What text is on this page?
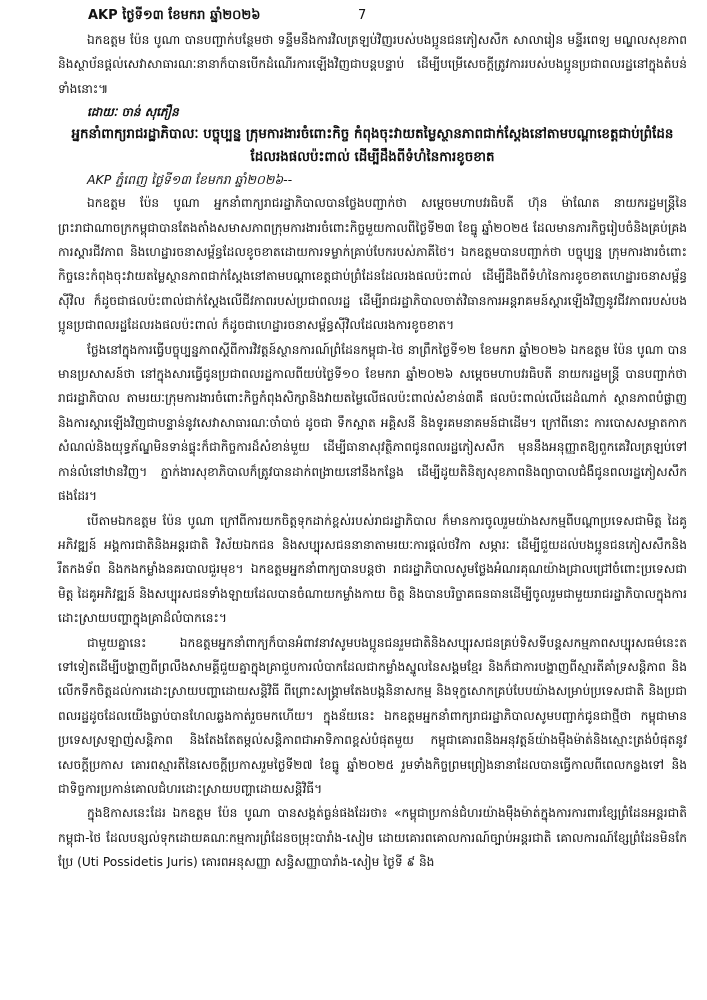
AKP ថ្ងៃទី១៣ ខែមករា ឆ្នាំ២០២៦	7

ឯកឧត្តម ប៉ែន បូណា បានបញ្ជាក់បន្ថែមថា ទន្ទឹមនឹងការវិលត្រឡប់វិញរបស់បងប្អូនជនភៀសសឹក សាលារៀន មន្ទីរពេទ្យ មណ្ឌលសុខភាព និងស្ថាប័នផ្តល់សេវាសាធារណៈនានាក៏បានបើកដំណើរការឡើងវិញជាបន្តបន្ទាប់ ដើម្បីបម្រើសេចក្តីត្រូវការរបស់បងប្អូនប្រជាពលរដ្ឋនៅក្នុងតំបន់ទាំងនោះ៕

ដោយៈ ចាន់ សុភឿន

អ្នកនាំពាក្យរាជរដ្ឋាភិបាលៈ បច្ចុប្បន្ន ក្រុមការងារចំពោះកិច្ច កំពុងចុះវាយតម្លៃស្ថានភាពជាក់ស្តែងនៅតាមបណ្តាខេត្តជាប់ព្រំដែនដែលរងផលប៉ះពាល់ ដើម្បីដឹងពីទំហំនៃការខូចខាត

AKP ភ្នំពេញ ថ្ងៃទី១៣ ខែមករា ឆ្នាំ២០២៦--

ឯកឧត្តម ប៉ែន បូណា អ្នកនាំពាក្យរាជរដ្ឋាភិបាលបានថ្លែងបញ្ជាក់ថា សម្តេចមហាបវរធិបតី ហ៊ុន ម៉ាណែត នាយករដ្ឋមន្ត្រីនៃព្រះរាជាណាចក្រកម្ពុជាបានតែងតាំងសមាសភាពក្រុមការងារចំពោះកិច្ចមួយកាលពីថ្ងៃទី២៣ ខែធ្នូ ឆ្នាំ២០២៥ ដែលមានភារកិច្ចរៀបចំនិងគ្រប់គ្រងការស្តារជីវភាព និងហេដ្ឋារចនាសម្ព័ន្ធដែលខូចខាតដោយការទម្លាក់គ្រាប់បែករបស់ភាគីថៃ។ ឯកឧត្តមបានបញ្ជាក់ថា បច្ចុប្បន្ន ក្រុមការងារចំពោះកិច្ចនេះកំពុងចុះវាយតម្លៃស្ថានភាពជាក់ស្តែងនៅតាមបណ្តាខេត្តជាប់ព្រំដែនដែលរងផលប៉ះពាល់ ដើម្បីដឹងពីទំហំនៃការខូចខាតហេដ្ឋារចនាសម្ព័ន្ធស៊ីវិល ក៏ដូចជាផលប៉ះពាល់ជាក់ស្តែងលើជីវភាពរបស់ប្រជាពលរដ្ឋ ដើម្បីរាជរដ្ឋាភិបាលចាត់វិធានការអន្តរាគមន៍ស្តារឡើងវិញនូវជីវភាពរបស់បងប្អូនប្រជាពលរដ្ឋដែលរងផលប៉ះពាល់ ក៏ដូចជាហេដ្ឋារចនាសម្ព័ន្ធស៊ីវិលដែលរងការខូចខាត។

ថ្លែងនៅក្នុងការធ្វើបច្ចុប្បន្នភាពស្តីពីការវិវត្តន៍ស្ថានការណ៍ព្រំដែនកម្ពុជា-ថៃ នាព្រឹកថ្ងៃទី១២ ខែមករា ឆ្នាំ២០២៦ ឯកឧត្តម ប៉ែន បូណា បានមានប្រសាសន៍ថា នៅក្នុងសារធ្វើជូនប្រជាពលរដ្ឋកាលពីយប់ថ្ងៃទី១០ ខែមករា ឆ្នាំ២០២៦ សម្តេចមហាបវរធិបតី នាយករដ្ឋមន្ត្រី បានបញ្ជាក់ថា រាជរដ្ឋាភិបាល តាមរយៈក្រុមការងារចំពោះកិច្ចកំពុងសិក្សានិងវាយតម្លៃលើផលប៉ះពាល់សំខាន់៣គឺ ផលប៉ះពាល់លើដេដំណាក់ ស្ថានភាពបំផ្លាញ និងការស្តារឡើងវិញជាបន្ទាន់នូវសេវាសាធារណៈចាំបាច់ ដូចជា ទឹកស្អាត អគ្គិសនី និងទូរគមនាគមន៍ជាដើម។ ក្រៅពីនោះ ការបោសសម្អាតកាកសំណល់និងយុទ្ធភ័ណ្ឌមិនទាន់ផ្ទុះក៏ជាកិច្ចការដ៏សំខាន់មួយ ដើម្បីធានាសុវត្ថិភាពជូនពលរដ្ឋភៀសសឹក មុននឹងអនុញ្ញាតឱ្យពួកគេវិលត្រឡប់ទៅកាន់លំនៅឋានវិញ។ ភ្នាក់ងារសុខាភិបាលក៏ត្រូវបានដាក់ពង្រាយនៅនឹងកន្លែង ដើម្បីដូយតិនិត្យសុខភាពនិងព្យាបាលជំងឺជូនពលរដ្ឋភៀសសឹកផងដែរ។

បើតាមឯកឧត្តម ប៉ែន បូណា ក្រៅពីការយកចិត្តទុកដាក់ខ្ពស់របស់រាជរដ្ឋាភិបាល ក៏មានការចូលរួមយ៉ាងសកម្មពីបណ្តាប្រទេសជាមិត្ត ដៃគូអភិវឌ្ឍន៍ អង្គការជាតិនិងអន្តរជាតិ វិស័យឯកជន និងសប្បុរសជននានាតាមរយៈការផ្តល់ថវិកា សម្ភារៈ ដើម្បីជួយដល់បងប្អូនជនភៀសសឹកនិងរឹតកងទ័ព និងកងកម្លាំងនគរបាលជួរមុខ។ ឯកឧត្តមអ្នកនាំពាក្យបានបន្តថា រាជរដ្ឋាភិបាលសូមថ្លែងអំណរគុណយ៉ាងជ្រាលជ្រៅចំពោះប្រទេសជាមិត្ត ដៃគូអភិវឌ្ឍន៍ និងសប្បុរសជនទាំងឡាយដែលបានចំណាយកម្លាំងកាយ ចិត្ត និងបានបរិច្ចាគធនធានដើម្បីចូលរួមជាមួយរាជរដ្ឋាភិបាលក្នុងការដោះស្រាយបញ្ហាក្នុងគ្រាដ៏លំបាកនេះ។

ជាមួយគ្នានេះ ឯកឧត្តមអ្នកនាំពាក្យក៏បានអំពាវនាវសូមបងប្អូនជនរួមជាតិនិងសប្បុរសជនគ្រប់ទិសទីបន្តសកម្មភាពសប្បុរសធម៌នេះតទៅទៀតដើម្បីបង្ហាញពីព្រលឹងសាមគ្គីជួយគ្នាក្នុងគ្រាជួបការលំបាកដែលជាកម្លាំងស្នូលនៃសង្គមខ្មែរ និងក៏ជាការបង្ហាញពីស្មារតីគាំទ្រសន្តិភាព និងលើកទឹកចិត្តដល់ការដោះស្រាយបញ្ហាដោយសន្តិវិធី ពីព្រោះសង្គ្រាមតែងបង្កនិនាសកម្ម និងទុក្ខសោកគ្រប់បែបយ៉ាងសម្រាប់ប្រទេសជាតិ និងប្រជាពលរដ្ឋដូចដែលយើងធ្លាប់បានហែលឆ្លងកាត់រួចមកហើយ។ ក្នុងន័យនេះ ឯកឧត្តមអ្នកនាំពាក្យរាជរដ្ឋាភិបាលសូមបញ្ជាក់ជូនជាថ្មីថា កម្ពុជាមានប្រទេសស្រឡាញ់សន្តិភាព និងតែងតែតម្កល់សន្តិភាពជាអាទិភាពខ្ពស់បំផុតមួយ កម្ពុជាគោរពនិងអនុវត្តន៍យ៉ាងម៉ឹងម៉ាត់និងស្មោះត្រង់បំផុតនូវសេចក្តីប្រកាស គោរពស្មារតីនៃសេចក្តីប្រកាសរួមថ្ងៃទី២៧ ខែធ្នូ ឆ្នាំ២០២៥ រួមទាំងកិច្ចព្រមព្រៀងនានាដែលបានធ្វើកាលពីពេលកន្លងទៅ និងជាទិច្ចការប្រកាន់គោលជំហរដោះស្រាយបញ្ហាដោយសន្តិវិធី។

ក្នុងឱកាសនេះដែរ ឯកឧត្តម ប៉ែន បូណា បានសង្កត់ធ្ងន់ផងដែរថា៖ «កម្ពុជាប្រកាន់ជំហរយ៉ាងម៉ឹងម៉ាត់ក្នុងការការពារខ្សែព្រំដែនអន្តរជាតិកម្ពុជា-ថៃ ដែលបន្សល់ទុកដោយគណៈកម្មការព្រំដែនចម្រុះបារាំង-សៀម ដោយគោរពគោលការណ៍ច្បាប់អន្តរជាតិ គោលការណ៍ខ្សែព្រំដែនមិនកែប្រែ (Uti Possidetis Juris) គោរពអនុសញ្ញា សន្ធិសញ្ញាបារាំង-សៀម ថ្ងៃទី ៩ និង
